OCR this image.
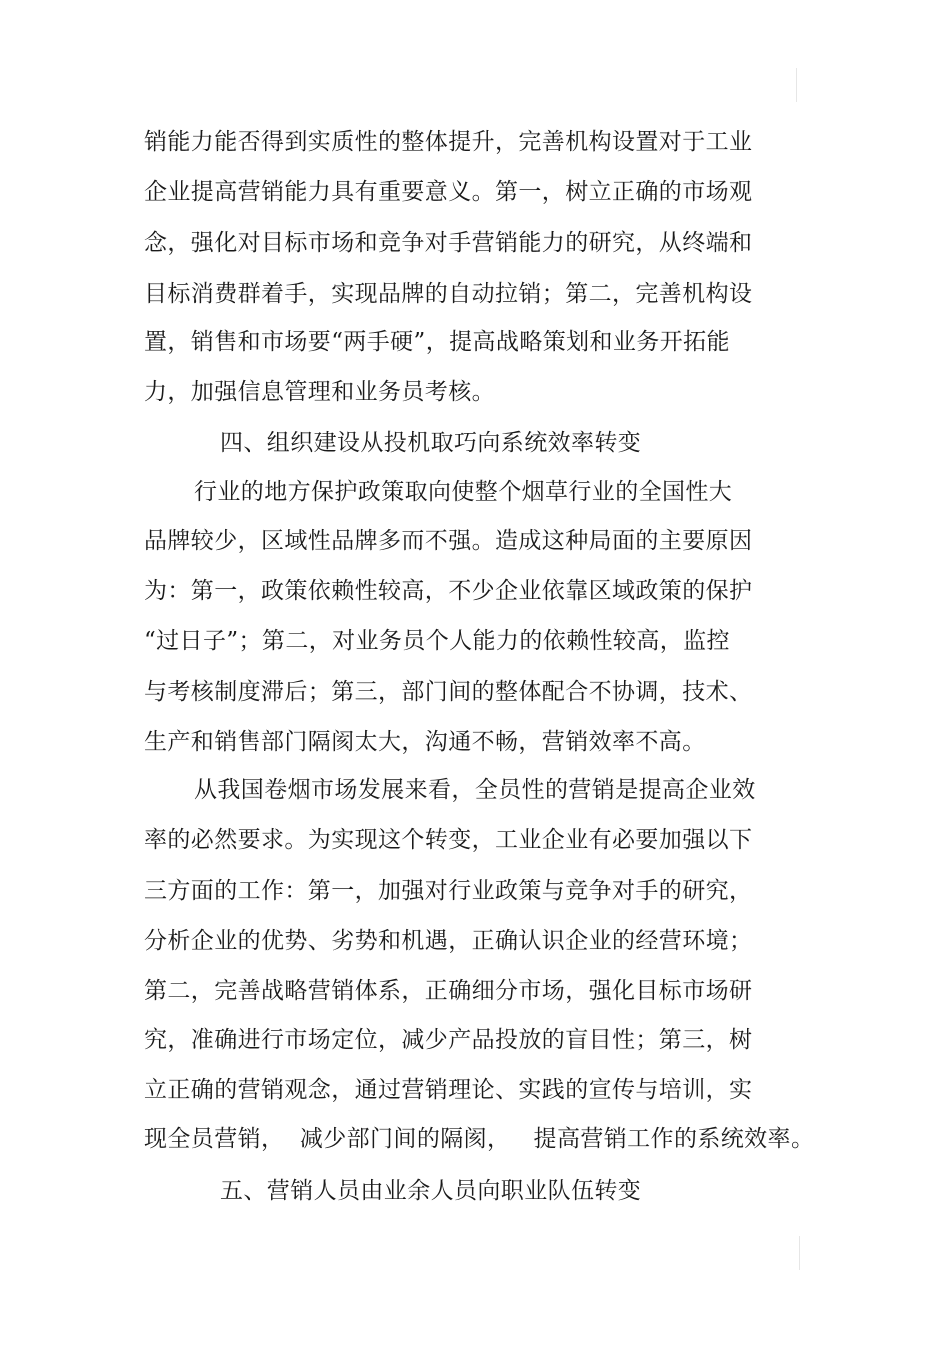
销能力能否得到实质性的整体提升，完善机构设置对于工业
企业提高营销能力具有重要意义。第一，树立正确的市场观
念，强化对目标市场和竞争对手营销能力的研究，从终端和
目标消费群着手，实现品牌的自动拉销；第二，完善机构设
置，销售和市场要“两手硬”，提高战略策划和业务开拓能
力，加强信息管理和业务员考核。
四、组织建设从投机取巧向系统效率转变
行业的地方保护政策取向使整个烟草行业的全国性大
品牌较少，区域性品牌多而不强。造成这种局面的主要原因
为：第一，政策依赖性较高，不少企业依靠区域政策的保护
“过日子”；第二，对业务员个人能力的依赖性较高，监控
与考核制度滞后；第三，部门间的整体配合不协调，技术、
生产和销售部门隔阂太大，沟通不畅，营销效率不高。
从我国卷烟市场发展来看，全员性的营销是提高企业效
率的必然要求。为实现这个转变，工业企业有必要加强以下
三方面的工作：第一，加强对行业政策与竞争对手的研究，
分析企业的优势、劣势和机遇，正确认识企业的经营环境；
第二，完善战略营销体系，正确细分市场，强化目标市场研
究，准确进行市场定位，减少产品投放的盲目性；第三，树
立正确的营销观念，通过营销理论、实践的宣传与培训，实
现全员营销，  减少部门间的隔阂，   提高营销工作的系统效率。
五、营销人员由业余人员向职业队伍转变
